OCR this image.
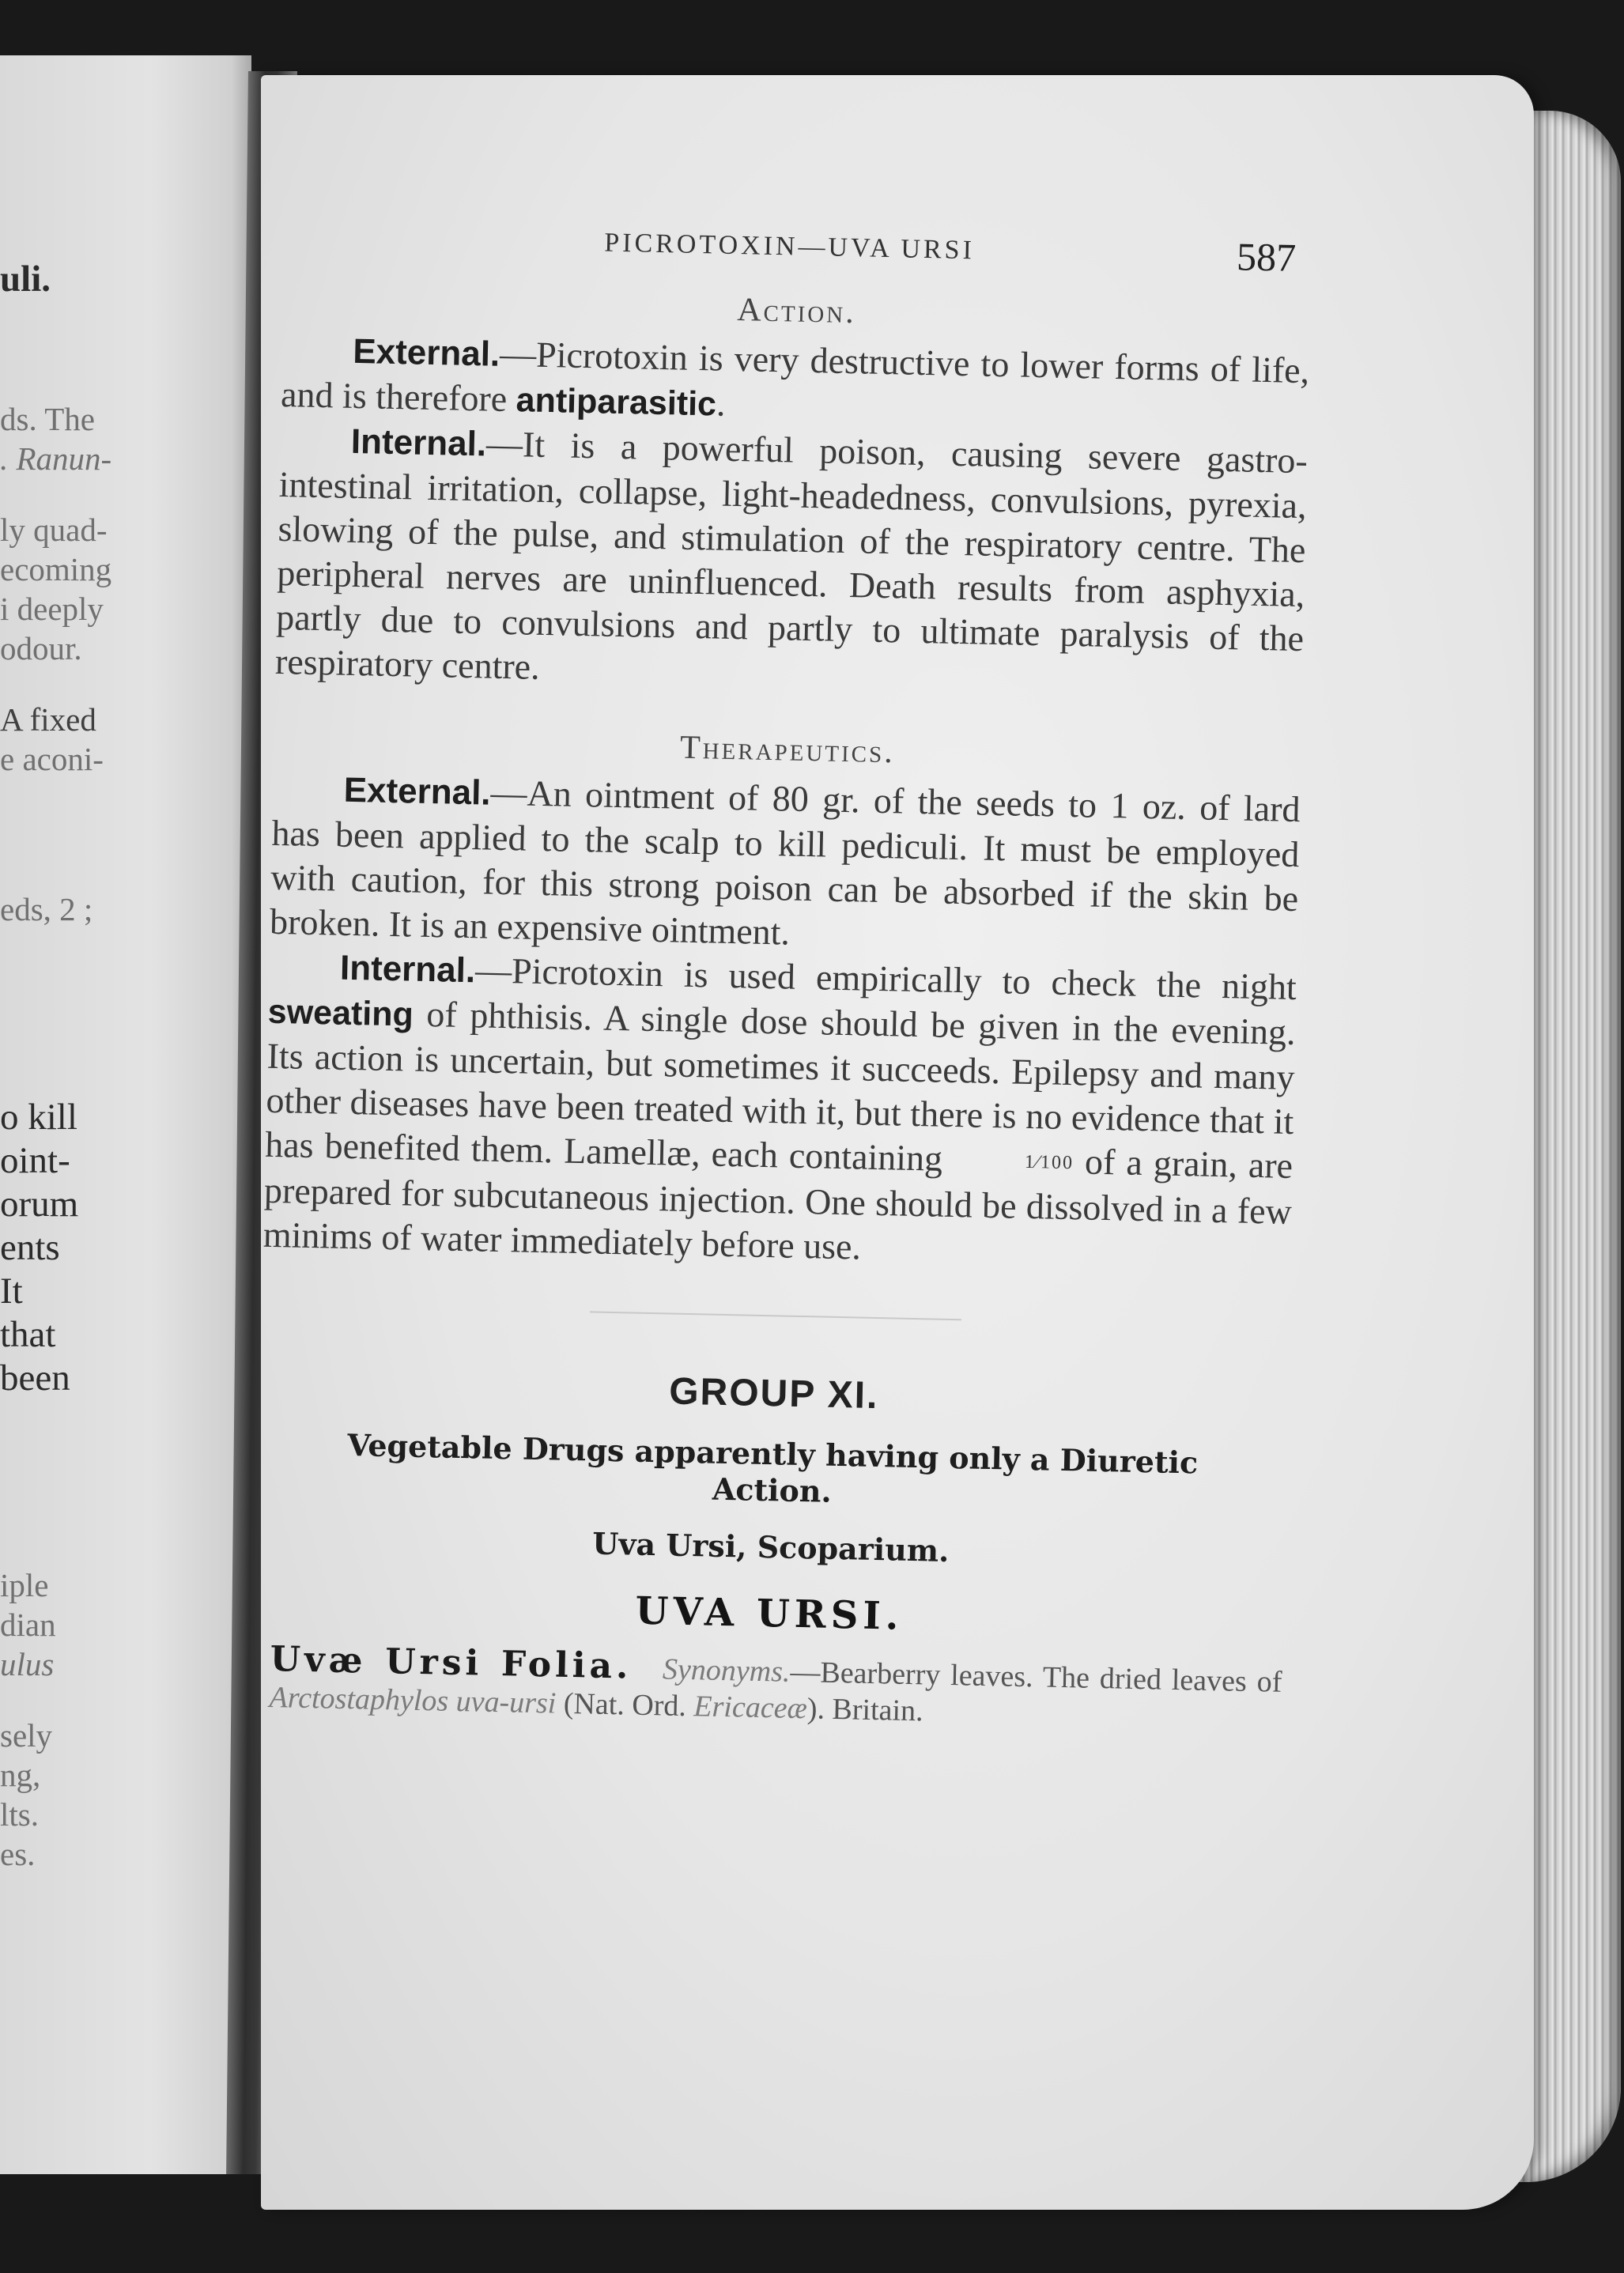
uli.
ds. The
. Ranun-
ly quad-
ecoming
i deeply
odour.
A fixed
e aconi-
eds, 2 ;
o kill
oint-
orum
ents
It
that
been
iple
dian
ulus
sely
ng,
lts.
es.
PICROTOXIN—UVA URSI	587
Action.

External.—Picrotoxin is very destructive to lower forms of life, and is therefore antiparasitic.

Internal.—It is a powerful poison, causing severe gastro-intestinal irritation, collapse, light-headedness, convulsions, pyrexia, slowing of the pulse, and stimulation of the respiratory centre. The peripheral nerves are uninfluenced. Death results from asphyxia, partly due to convulsions and partly to ultimate paralysis of the respiratory centre.

Therapeutics.

External.—An ointment of 80 gr. of the seeds to 1 oz. of lard has been applied to the scalp to kill pediculi. It must be employed with caution, for this strong poison can be absorbed if the skin be broken. It is an expensive ointment.

Internal.—Picrotoxin is used empirically to check the night sweating of phthisis. A single dose should be given in the evening. Its action is uncertain, but sometimes it succeeds. Epilepsy and many other diseases have been treated with it, but there is no evidence that it has benefited them. Lamellæ, each containing	1⁄100 of a grain, are prepared for subcutaneous injection. One should be dissolved in a few minims of water immediately before use.

GROUP XI.
Vegetable Drugs apparently having only a Diuretic
Action.
Uva Ursi, Scoparium.
UVA URSI.

Uvæ Ursi Folia. Synonyms.—Bearberry leaves. The dried leaves of Arctostaphylos uva-ursi (Nat. Ord. Ericaceæ). Britain.
